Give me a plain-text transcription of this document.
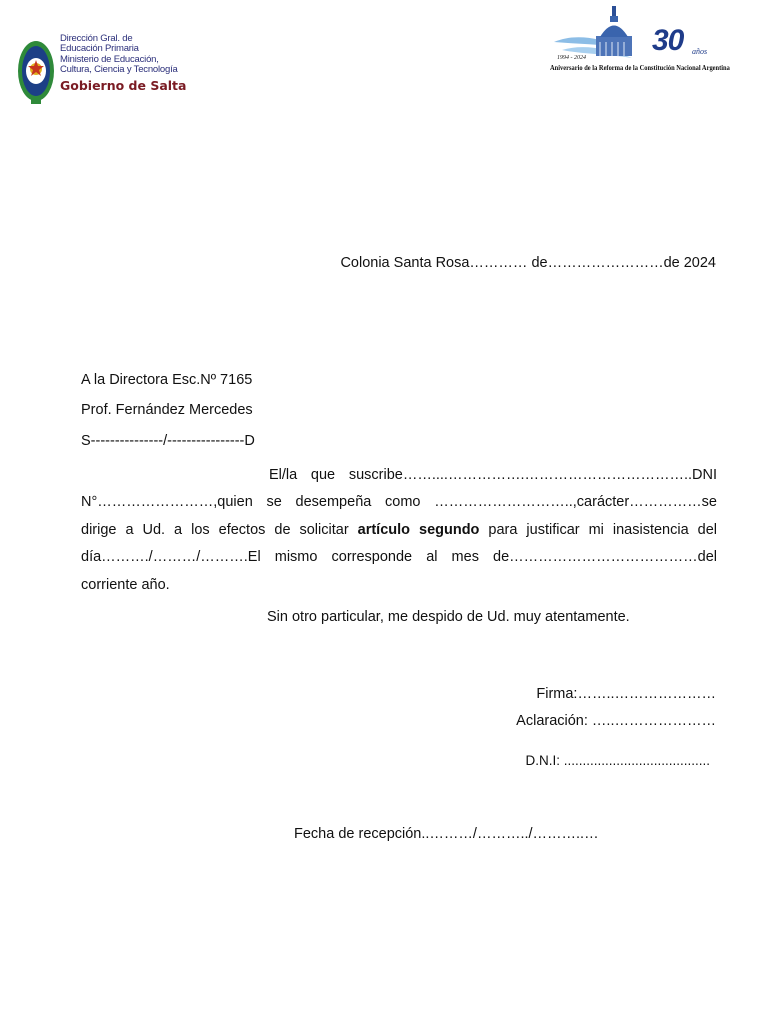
Dirección Gral. de
Educación Primaria
Ministerio de Educación,
Cultura, Ciencia y Tecnología
Gobierno de Salta
1994 - 2024
30 años
Aniversario de la Reforma de la Constitución Nacional Argentina
Colonia Santa Rosa………… de……………………de 2024
A la Directora Esc.Nº 7165
Prof. Fernández Mercedes
S---------------/----------------D
El/la que suscribe……....…………….……………………………..DNI N°……………………,quien se desempeña como ………………………..,carácter……………se dirige a Ud. a los efectos de solicitar artículo segundo para justificar mi inasistencia del día………./………/……….El mismo corresponde al mes de…………………………………del corriente año.
Sin otro particular, me despido de Ud. muy atentamente.
Firma:……..…………………
Aclaración: …..…………………
D.N.I: .......................................
Fecha de recepción..………/………../………..…
